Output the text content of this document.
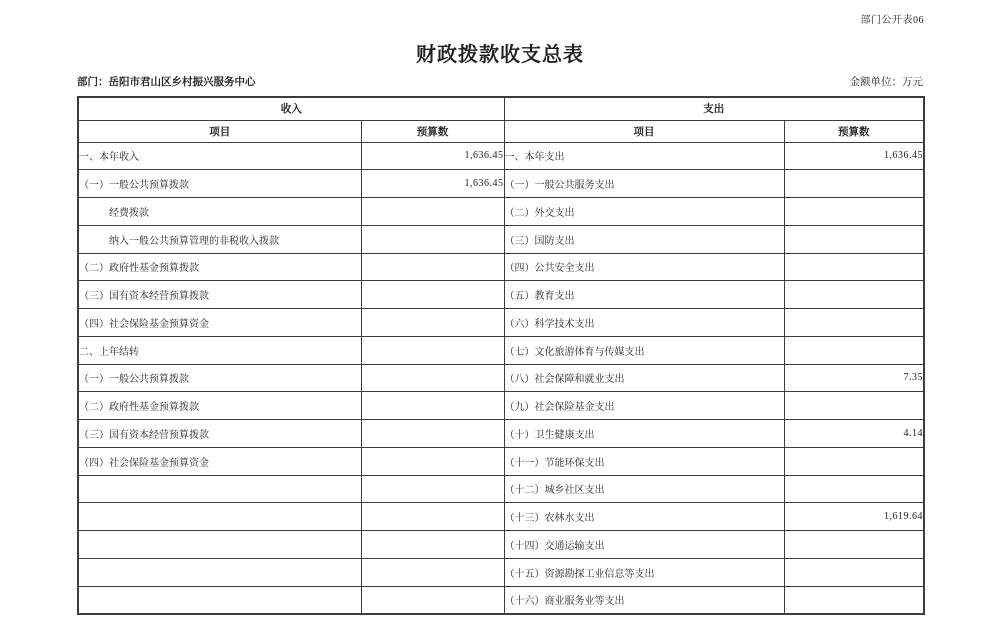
部门公开表06
财政拨款收支总表
部门：岳阳市君山区乡村振兴服务中心	金额单位：万元
收入		支出	
项目	预算数	项目	预算数
一、本年收入	1,636.45	一、本年支出	1,636.45
（一）一般公共预算拨款	1,636.45	（一）一般公共服务支出	
经费拨款		（二）外交支出	
纳入一般公共预算管理的非税收入拨款		（三）国防支出	
（二）政府性基金预算拨款		（四）公共安全支出	
（三）国有资本经营预算拨款		（五）教育支出	
（四）社会保险基金预算资金		（六）科学技术支出	
二、上年结转		（七）文化旅游体育与传媒支出	
（一）一般公共预算拨款		（八）社会保障和就业支出	7.35
（二）政府性基金预算拨款		（九）社会保险基金支出	
（三）国有资本经营预算拨款		（十）卫生健康支出	4.14
（四）社会保险基金预算资金		（十一）节能环保支出	
		（十二）城乡社区支出	
		（十三）农林水支出	1,619.64
		（十四）交通运输支出	
		（十五）资源勘探工业信息等支出	
		（十六）商业服务业等支出	
